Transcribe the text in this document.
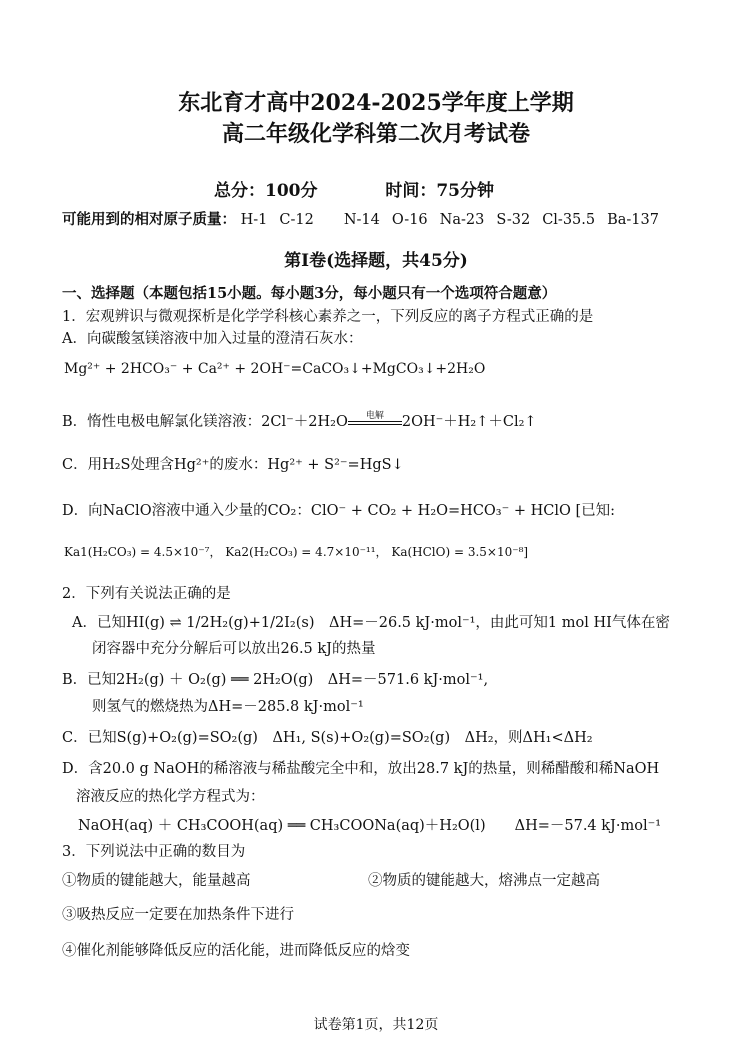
东北育才高中2024-2025学年度上学期
高二年级化学科第二次月考试卷
总分：100分	时间：75分钟
可能用到的相对原子质量： H-1 C-12 N-14 O-16 Na-23 S-32 Cl-35.5 Ba-137
第Ⅰ卷(选择题，共45分)
一、选择题（本题包括15小题。每小题3分，每小题只有一个选项符合题意）
1．宏观辨识与微观探析是化学学科核心素养之一，下列反应的离子方程式正确的是
A．向碳酸氢镁溶液中加入过量的澄清石灰水：
Mg²⁺ + 2HCO₃⁻ + Ca²⁺ + 2OH⁻=CaCO₃↓+MgCO₃↓+2H₂O
B．惰性电极电解氯化镁溶液：2Cl⁻＋2H₂O	电解	2OH⁻＋H₂↑＋Cl₂↑
C．用H₂S处理含Hg²⁺的废水：Hg²⁺ + S²⁻=HgS↓
D．向NaClO溶液中通入少量的CO₂：ClO⁻ + CO₂ + H₂O=HCO₃⁻ + HClO [已知:
Ka1(H₂CO₃) = 4.5×10⁻⁷， Ka2(H₂CO₃) = 4.7×10⁻¹¹， Ka(HClO) = 3.5×10⁻⁸]
2．下列有关说法正确的是
A．已知HI(g) ⇌ 1/2H₂(g)+1/2I₂(s)　ΔH=－26.5 kJ·mol⁻¹，由此可知1 mol HI气体在密
闭容器中充分分解后可以放出26.5 kJ的热量
B．已知2H₂(g) ＋ O₂(g) ══ 2H₂O(g)　ΔH=－571.6 kJ·mol⁻¹,
则氢气的燃烧热为ΔH=－285.8 kJ·mol⁻¹
C．已知S(g)+O₂(g)=SO₂(g)　ΔH₁, S(s)+O₂(g)=SO₂(g)　ΔH₂，则ΔH₁<ΔH₂
D．含20.0 g NaOH的稀溶液与稀盐酸完全中和，放出28.7 kJ的热量，则稀醋酸和稀NaOH
溶液反应的热化学方程式为：
NaOH(aq) ＋ CH₃COOH(aq) ══ CH₃COONa(aq)＋H₂O(l)　　ΔH=－57.4 kJ·mol⁻¹
3．下列说法中正确的数目为
①物质的键能越大，能量越高	②物质的键能越大，熔沸点一定越高
③吸热反应一定要在加热条件下进行
④催化剂能够降低反应的活化能，进而降低反应的焓变
试卷第1页，共12页
